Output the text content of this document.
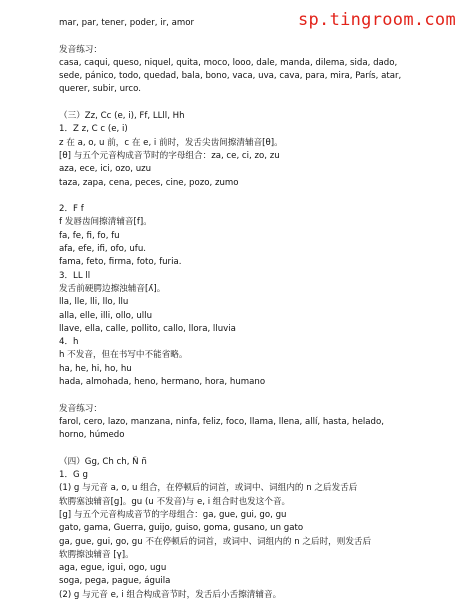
sp.tingroom.com
mar, par, tener, poder, ir, amor
发音练习：
casa, caqui, queso, niquel, quita, moco, looo, dale, manda, dilema, sida, dado,
sede, pánico, todo, quedad, bala, bono, vaca, uva, cava, para, mira, París, atar,
querer, subir, urco.
（三）Zz, Cc (e, i), Ff, LLll, Hh
1．Z z, C c (e, i)
z 在 a, o, u 前，c 在 e, i 前时，发舌尖齿间擦清辅音[θ]。
[θ] 与五个元音构成音节时的字母组合：za, ce, ci, zo, zu
aza, ece, ici, ozo, uzu
taza, zapa, cena, peces, cine, pozo, zumo
2．F f
f 发唇齿间擦清辅音[f]。
fa, fe, fi, fo, fu
afa, efe, ifi, ofo, ufu.
fama, feto, firma, foto, furia.
3．LL ll
发舌前硬腭边擦浊辅音[ʎ]。
lla, lle, lli, llo, llu
alla, elle, illi, ollo, ullu
llave, ella, calle, pollito, callo, llora, lluvia
4．h
h 不发音，但在书写中不能省略。
ha, he, hi, ho, hu
hada, almohada, heno, hermano, hora, humano
发音练习：
farol, cero, lazo, manzana, ninfa, feliz, foco, llama, llena, allí, hasta, helado,
horno, húmedo
（四）Gg, Ch ch, Ñ ñ
1．G g
(1) g 与元音 a, o, u 组合，在停顿后的词首，或词中、词组内的 n 之后发舌后
软腭塞浊辅音[g]。gu (u 不发音)与 e, i 组合时也发这个音。
[g] 与五个元音构成音节的字母组合：ga, gue, gui, go, gu
gato, gama, Guerra, guijo, guiso, goma, gusano, un gato
ga, gue, gui, go, gu 不在停顿后的词首，或词中、词组内的 n 之后时，则发舌后
软腭擦浊辅音 [γ]。
aga, egue, igui, ogo, ugu
soga, pega, pague, águila
(2) g 与元音 e, i 组合构成音节时，发舌后小舌擦清辅音。
